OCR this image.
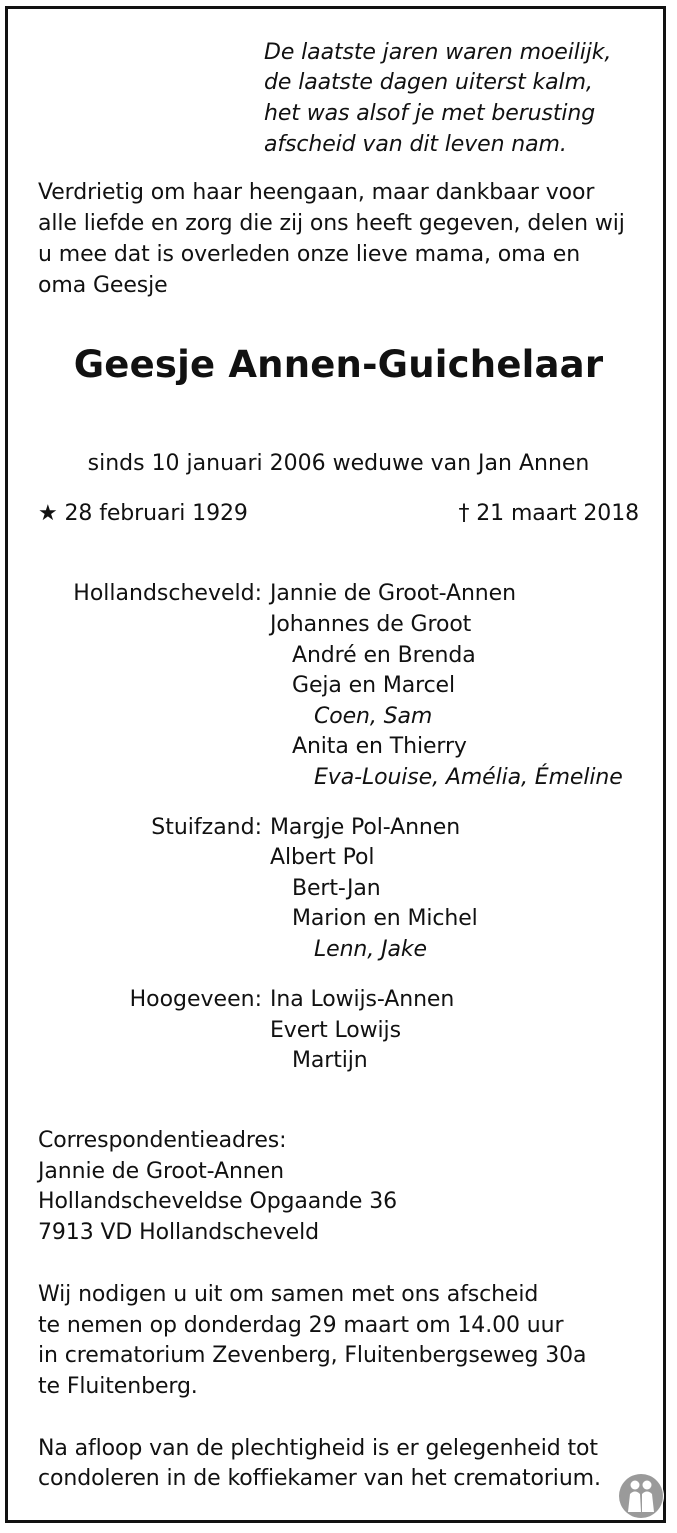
De laatste jaren waren moeilijk,
de laatste dagen uiterst kalm,
het was alsof je met berusting
afscheid van dit leven nam.
Verdrietig om haar heengaan, maar dankbaar voor
alle liefde en zorg die zij ons heeft gegeven, delen wij
u mee dat is overleden onze lieve mama, oma en
oma Geesje
Geesje Annen-Guichelaar
sinds 10 januari 2006 weduwe van Jan Annen
★ 28 februari 1929	† 21 maart 2018
Hollandscheveld: Jannie de Groot-Annen
Johannes de Groot
André en Brenda
Geja en Marcel
Coen, Sam
Anita en Thierry
Eva-Louise, Amélia, Émeline
Stuifzand: Margje Pol-Annen
Albert Pol
Bert-Jan
Marion en Michel
Lenn, Jake
Hoogeveen: Ina Lowijs-Annen
Evert Lowijs
Martijn
Correspondentieadres:
Jannie de Groot-Annen
Hollandscheveldse Opgaande 36
7913 VD Hollandscheveld
Wij nodigen u uit om samen met ons afscheid
te nemen op donderdag 29 maart om 14.00 uur
in crematorium Zevenberg, Fluitenbergseweg 30a
te Fluitenberg.
Na afloop van de plechtigheid is er gelegenheid tot
condoleren in de koffiekamer van het crematorium.
